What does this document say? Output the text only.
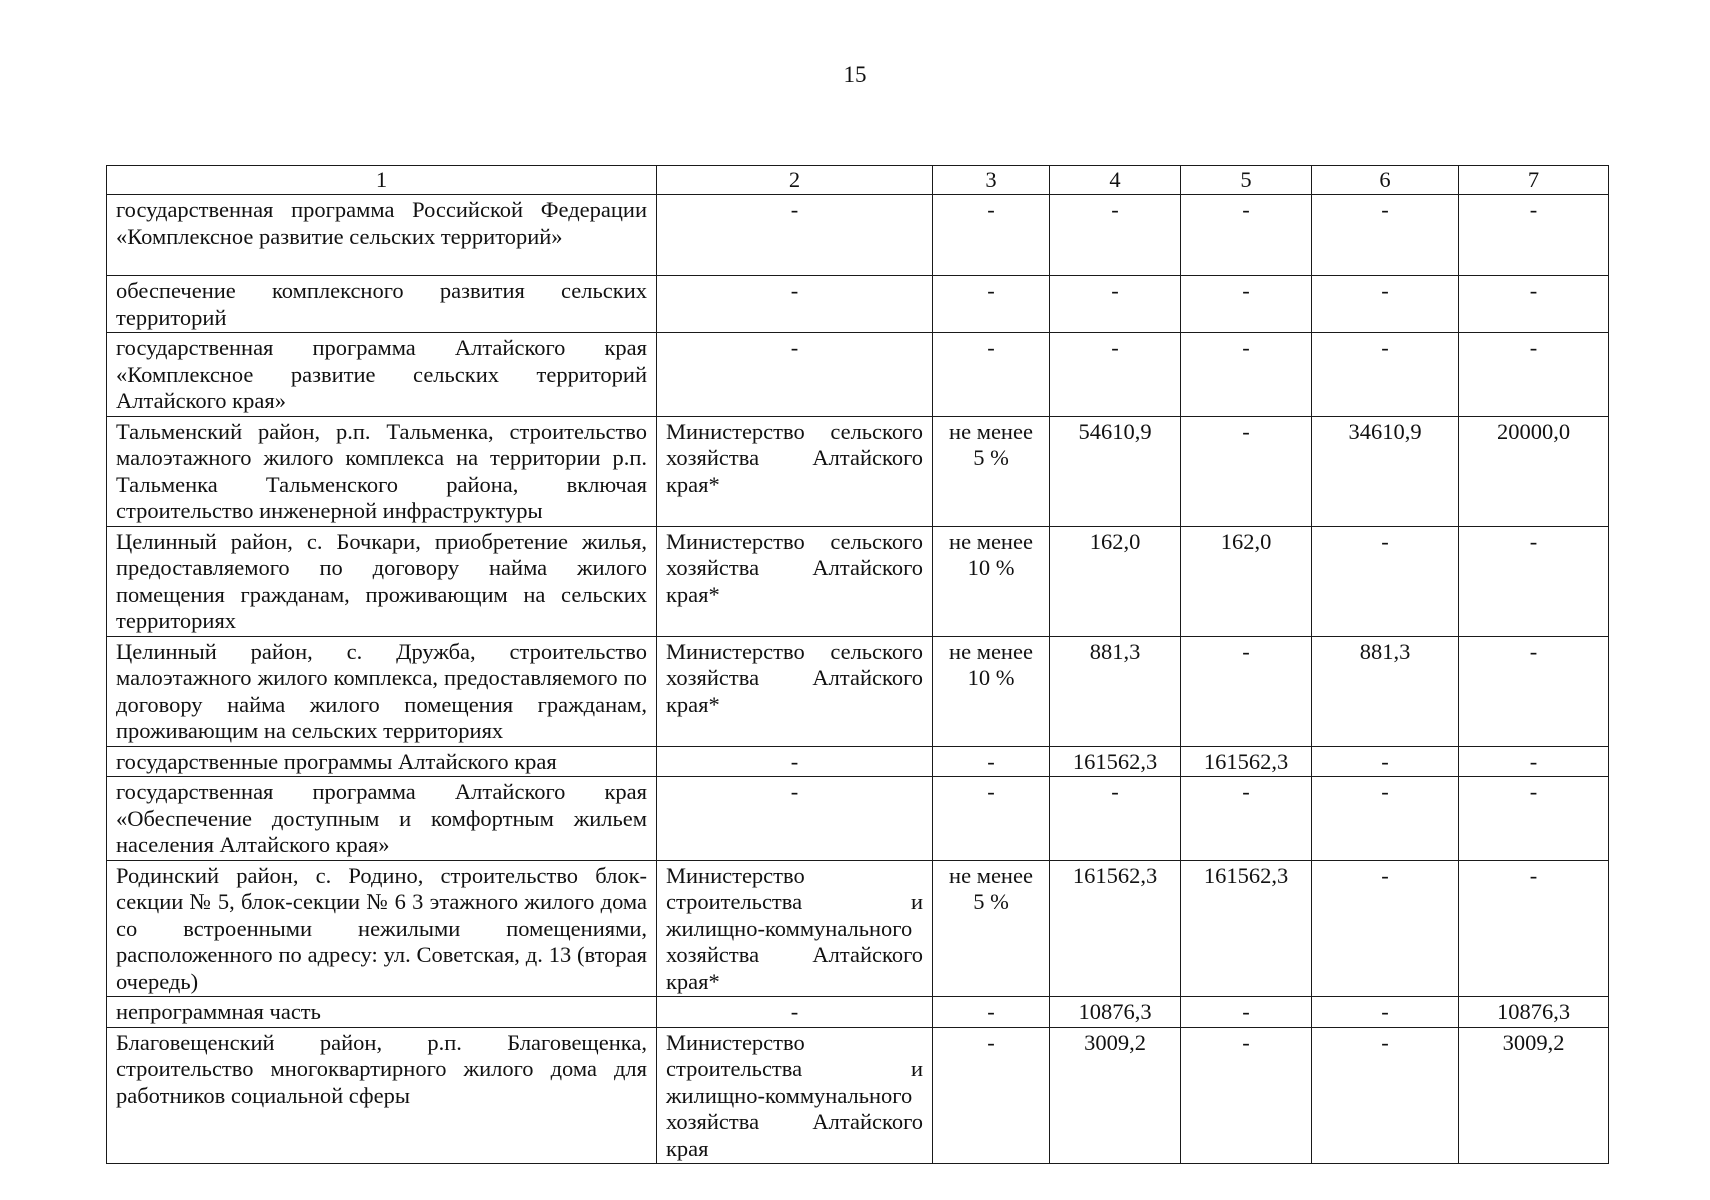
15
1	2	3	4	5	6	7
государственная программа Российской Федерации «Комплексное развитие сельских территорий»	-	-	-	-	-	-
обеспечение комплексного развития сельских территорий	-	-	-	-	-	-
государственная программа Алтайского края «Комплексное развитие сельских территорий Алтайского края»	-	-	-	-	-	-
Тальменский район, р.п. Тальменка, строительство малоэтажного жилого комплекса на территории р.п. Тальменка Тальменского района, включая строительство инженерной инфраструктуры	Министерство сельского хозяйства Алтайского края*	не менее 5 %	54610,9	-	34610,9	20000,0
Целинный район, с. Бочкари, приобретение жилья, предоставляемого по договору найма жилого помещения гражданам, проживающим на сельских территориях	Министерство сельского хозяйства Алтайского края*	не менее 10 %	162,0	162,0	-	-
Целинный район, с. Дружба, строительство малоэтажного жилого комплекса, предоставляемого по договору найма жилого помещения гражданам, проживающим на сельских территориях	Министерство сельского хозяйства Алтайского края*	не менее 10 %	881,3	-	881,3	-
государственные программы Алтайского края	-	-	161562,3	161562,3	-	-
государственная программа Алтайского края «Обеспечение доступным и комфортным жильем населения Алтайского края»	-	-	-	-	-	-
Родинский район, с. Родино, строительство блок-секции № 5, блок-секции № 6 3 этажного жилого дома со встроенными нежилыми помещениями, расположенного по адресу: ул. Советская, д. 13 (вторая очередь)	Министерство строительства и жилищно-коммунального хозяйства Алтайского края*	не менее 5 %	161562,3	161562,3	-	-
непрограммная часть	-	-	10876,3	-	-	10876,3
Благовещенский район, р.п. Благовещенка, строительство многоквартирного жилого дома для работников социальной сферы	Министерство строительства и жилищно-коммунального хозяйства Алтайского края	-	3009,2	-	-	3009,2
